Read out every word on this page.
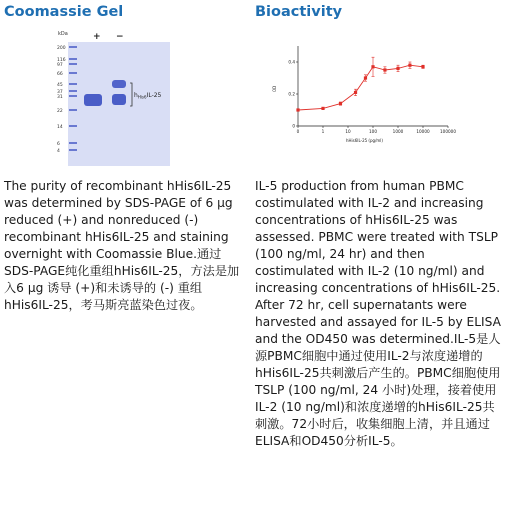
Coomassie Gel	Bioactivity
kDa	+ −
200
116
97
66
45
37
31
22
14
6
4
$h_{His6}IL-25$
0	1	10	100	1000	10000 100000
0
0.2
0.4
hHis6IL-25 (pg/ml)
OD

The purity of recombinant hHis6IL-25 was determined by SDS-PAGE of 6 µg reduced (+) and nonreduced (-) recombinant hHis6IL-25 and staining overnight with Coomassie Blue.通过SDS-PAGE纯化重组hHis6IL-25，方法是加入6 µg 诱导 (+)和未诱导的 (-) 重组hHis6IL-25，考马斯亮蓝染色过夜。

IL-5 production from human PBMC costimulated with IL-2 and increasing concentrations of hHis6IL-25 was assessed. PBMC were treated with TSLP (100 ng/ml, 24 hr) and then costimulated with IL-2 (10 ng/ml) and increasing concentrations of hHis6IL-25. After 72 hr, cell supernatants were harvested and assayed for IL-5 by ELISA and the OD450 was determined.IL-5是人源PBMC细胞中通过使用IL-2与浓度递增的hHis6IL-25共刺激后产生的。PBMC细胞使用TSLP (100 ng/ml, 24 小时)处理，接着使用IL-2 (10 ng/ml)和浓度递增的hHis6IL-25共刺激。72小时后，收集细胞上清，并且通过ELISA和OD450分析IL-5。
